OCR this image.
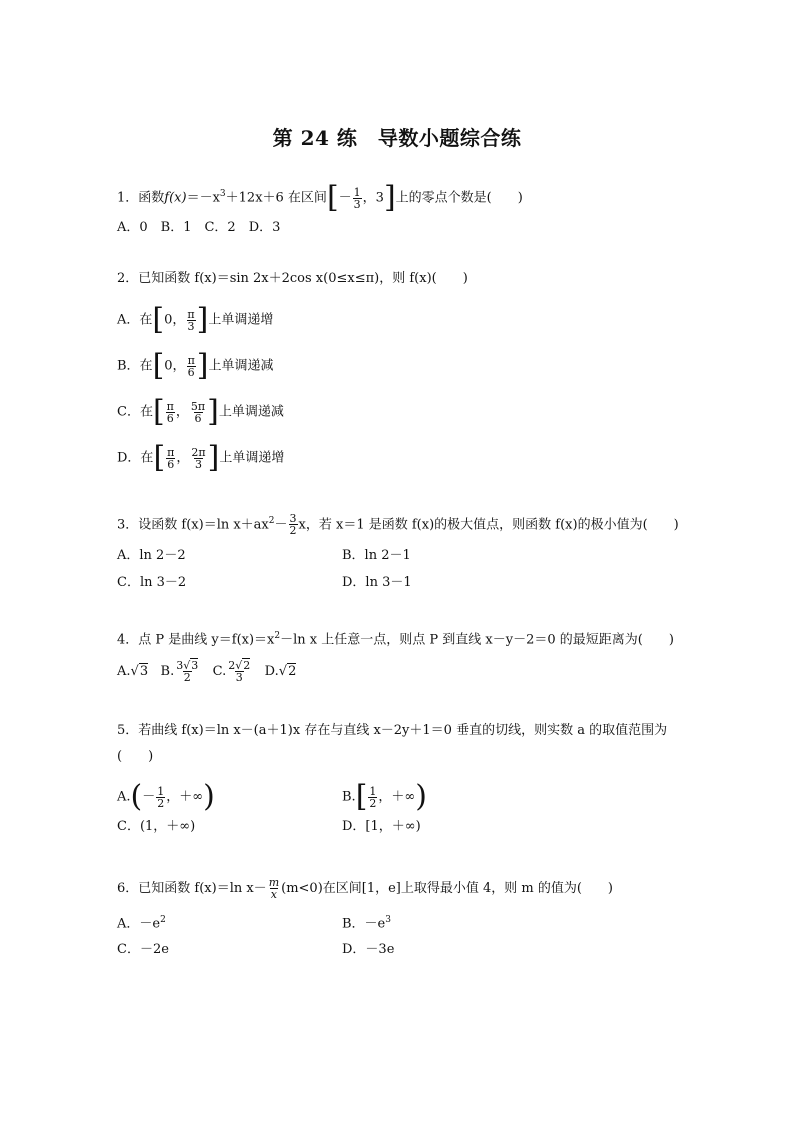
第 24 练　导数小题综合练
1．函数$f(x)=-x^3+12x+6$ 在区间[－ $\frac{1}{3}$ ，3]上的零点个数是(　　)
A．0　B．1　C．2　D．3
2．已知函数 f(x)＝sin 2x＋2cos x(0≤x≤π)，则 f(x)(　　)
A．在[0， $\frac{\pi}{3}$ ]上单调递增
B．在[0， $\frac{\pi}{6}$ ]上单调递减
C．在[ $\frac{\pi}{6}$ ， $\frac{5\pi}{6}$ ]上单调递减
D．在[ $\frac{\pi}{6}$ ， $\frac{2\pi}{3}$ ]上单调递增
3．设函数 f(x)＝ln $x+ax^2- \frac{3}{2}$ x，若 x＝1 是函数 f(x)的极大值点，则函数 f(x)的极小值为(　　)
A．ln 2－2	B．ln 2－1
C．ln 3－2	D．ln 3－1
4．点 P 是曲线 $y=f(x)=x^2-\ln$ x 上任意一点，则点 P 到直线 x－y－2＝0 的最短距离为(　　)
A.√3 B. $\frac{3√3}{2} C$. $\frac{2√2}{3} D.√2$
5．若曲线 f(x)＝ln x－(a＋1)x 存在与直线 x－2y＋1＝0 垂直的切线，则实数 a 的取值范围为
(　　)
$A.(- \frac{1}{2}$ ，＋∞)	$B.[ \frac{1}{2}$ ，＋∞)
C．(1，＋∞)	D．[1，＋∞)
6．已知函数 f(x)＝ln $x- \frac{m}{x} (m<0)$在区间[1，e]上取得最小值 4，则 m 的值为(　　)
A．$-e^2$	B．$-e^3$
C．－2e	D．－3e
